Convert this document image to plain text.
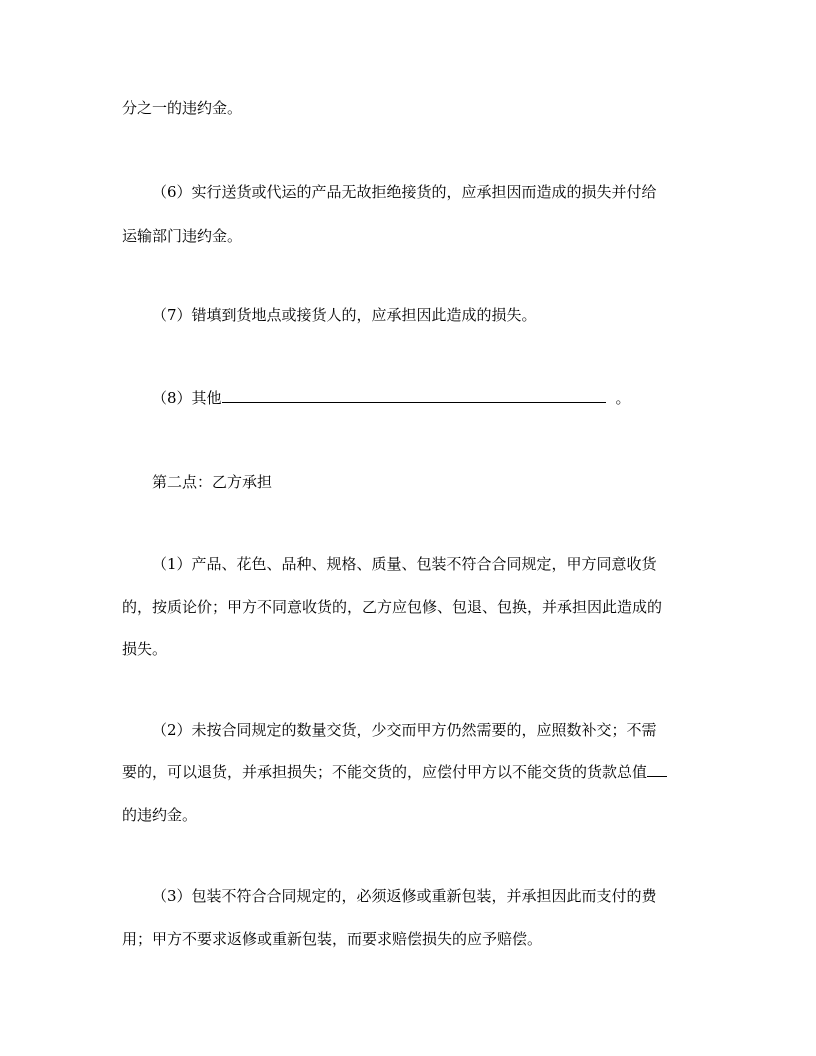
分之一的违约金。
（6）实行送货或代运的产品无故拒绝接货的，应承担因而造成的损失并付给
运输部门违约金。
（7）错填到货地点或接货人的，应承担因此造成的损失。
（8）其他	。
第二点：乙方承担
（1）产品、花色、品种、规格、质量、包装不符合合同规定，甲方同意收货
的，按质论价；甲方不同意收货的，乙方应包修、包退、包换，并承担因此造成的
损失。
（2）未按合同规定的数量交货，少交而甲方仍然需要的，应照数补交；不需
要的，可以退货，并承担损失；不能交货的，应偿付甲方以不能交货的货款总值
的违约金。
（3）包装不符合合同规定的，必须返修或重新包装，并承担因此而支付的费
用；甲方不要求返修或重新包装，而要求赔偿损失的应予赔偿。
